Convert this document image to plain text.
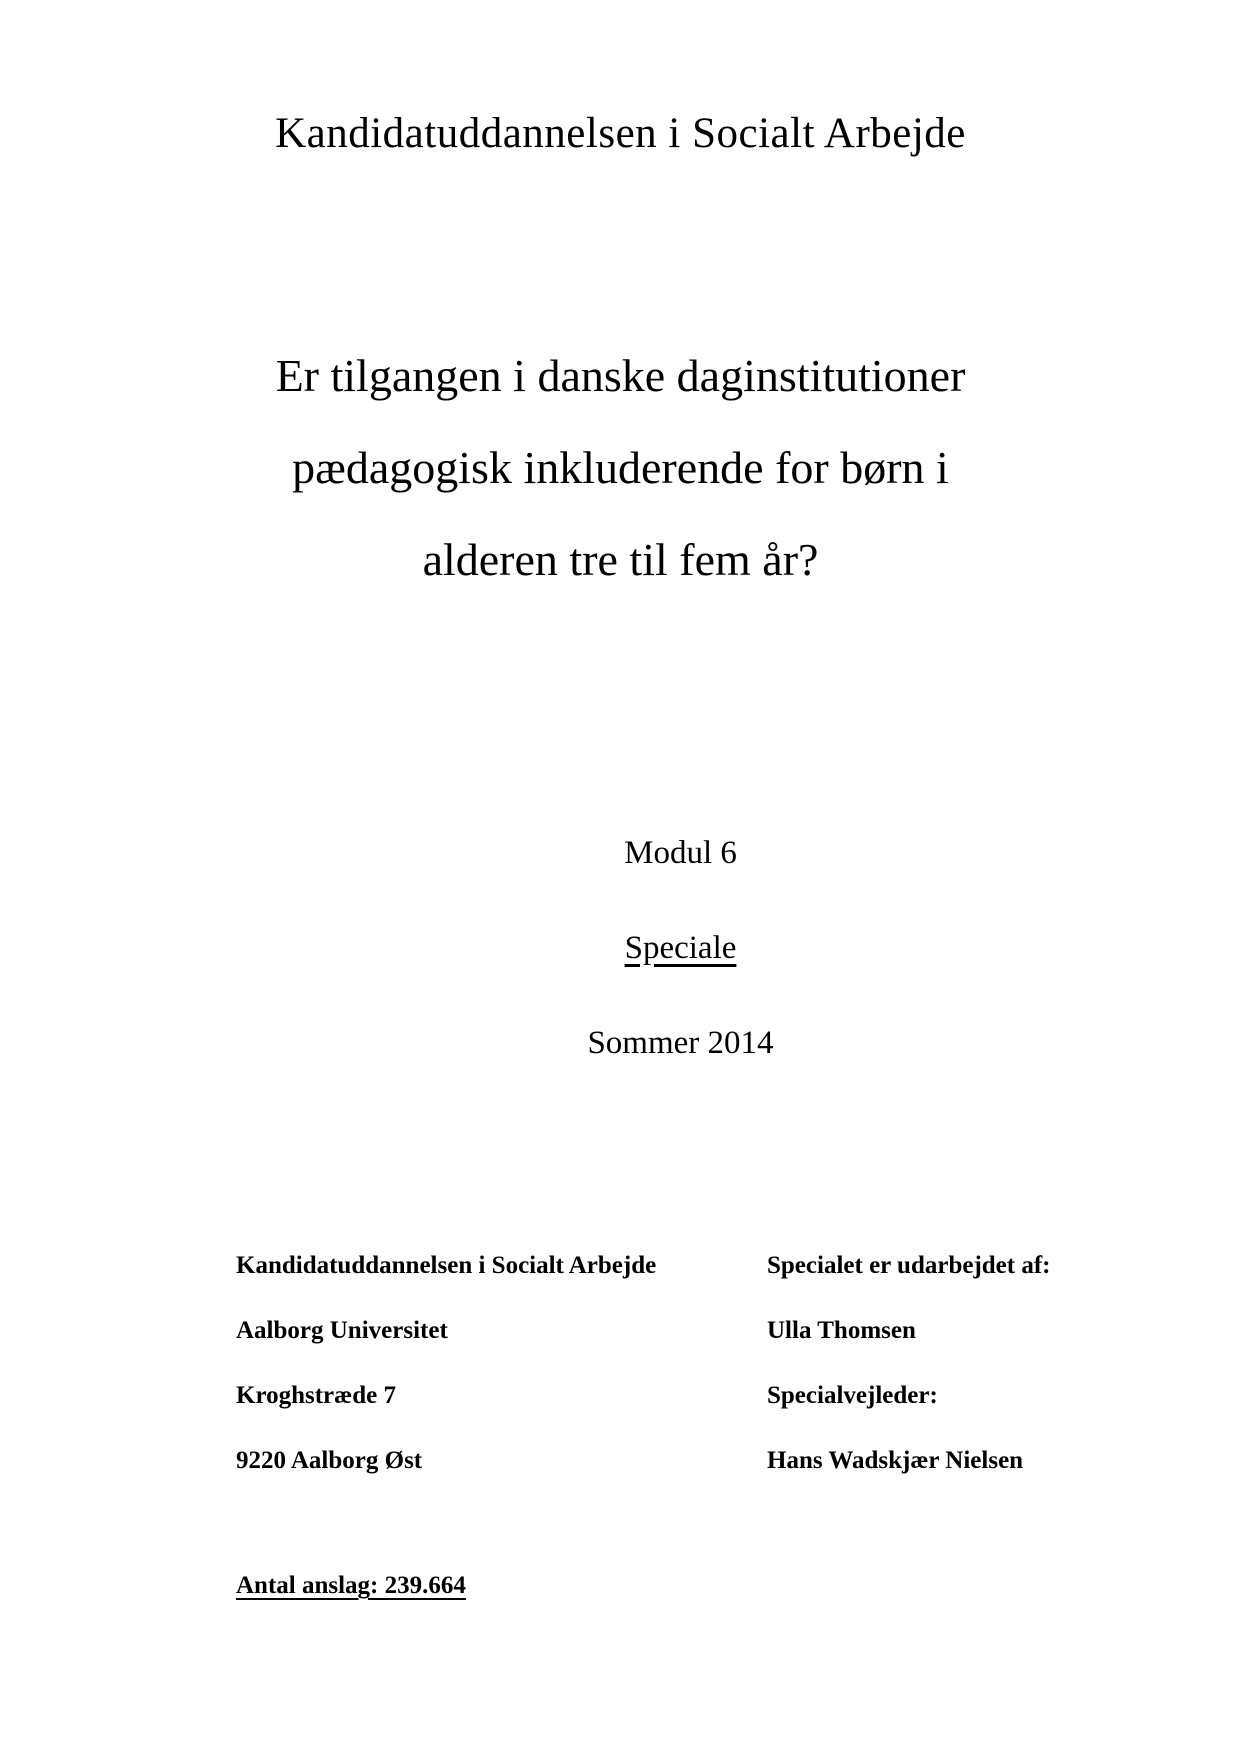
Kandidatuddannelsen i Socialt Arbejde
Er tilgangen i danske daginstitutioner
pædagogisk inkluderende for børn i
alderen tre til fem år?
Modul 6
Speciale
Sommer 2014
Kandidatuddannelsen i Socialt Arbejde	Specialet er udarbejdet af:
Aalborg Universitet	Ulla Thomsen
Kroghstræde 7	Specialvejleder:
9220 Aalborg Øst	Hans Wadskjær Nielsen
Antal anslag: 239.664
